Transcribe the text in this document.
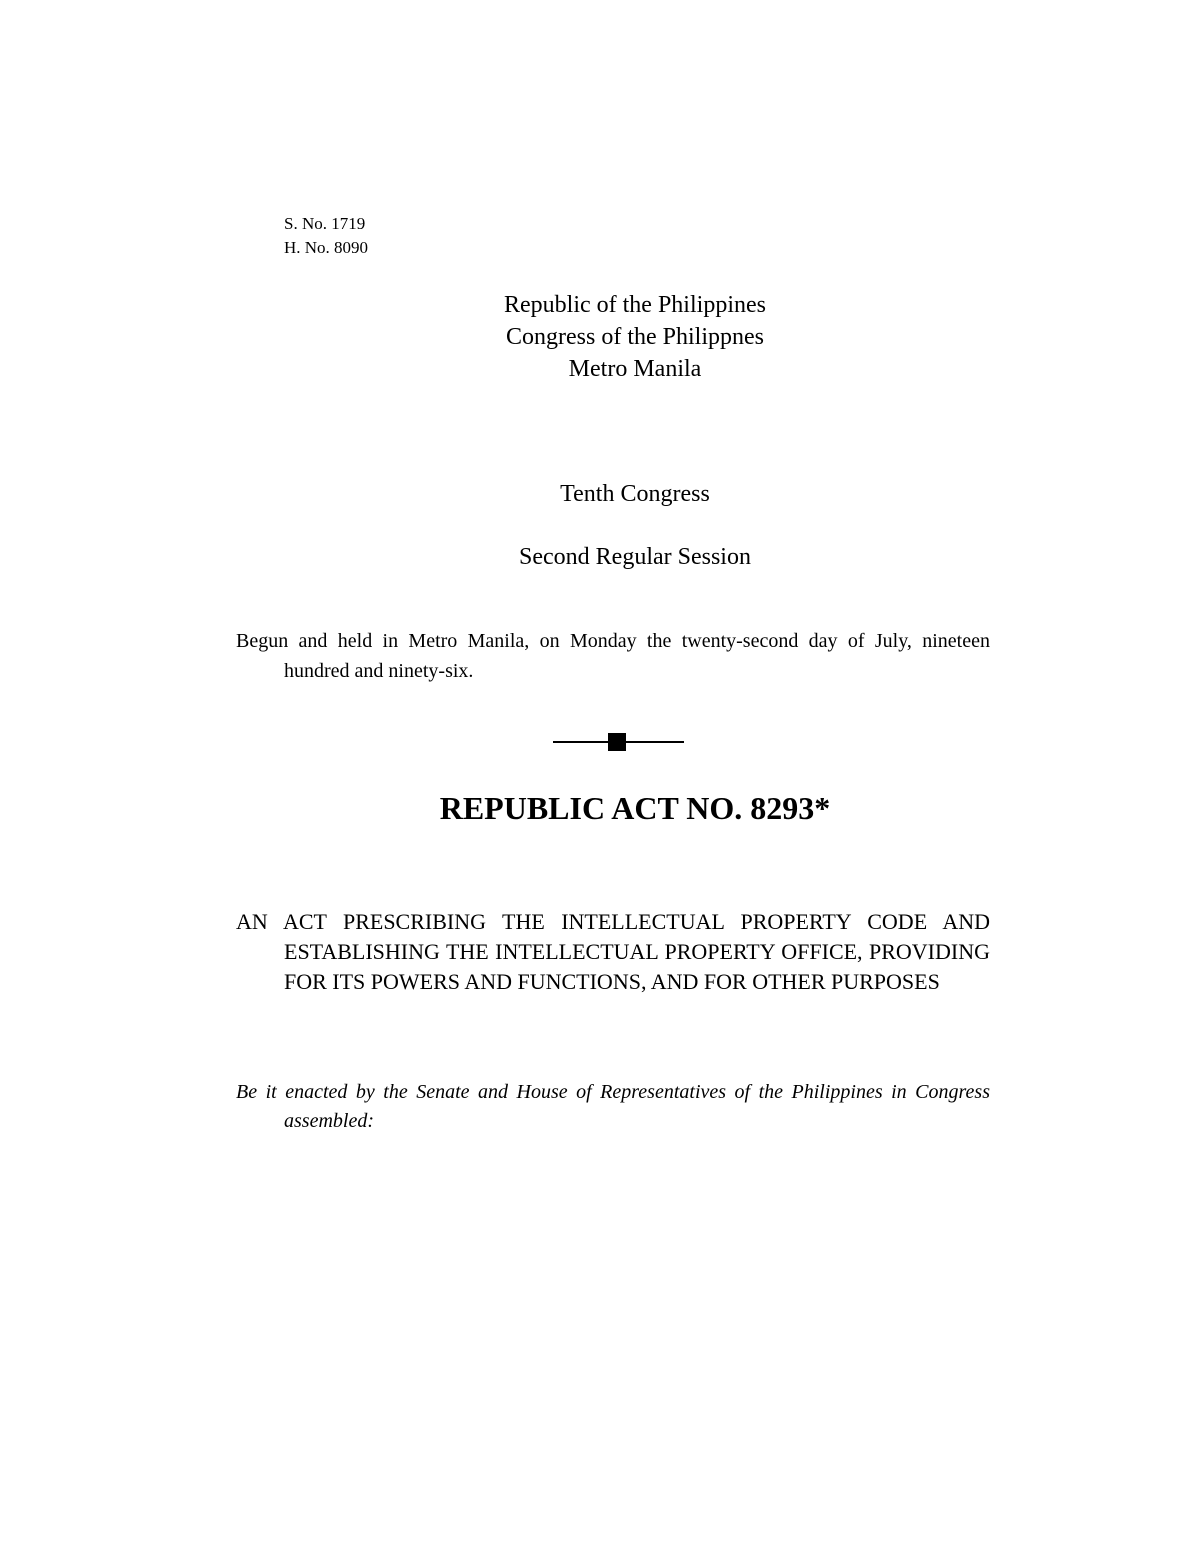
S. No. 1719
H. No. 8090
Republic of the Philippines
Congress of the Philippnes
Metro Manila
Tenth Congress
Second Regular Session
Begun and held in Metro Manila, on Monday the twenty-second day of July, nineteen hundred and ninety-six.
REPUBLIC ACT NO. 8293*
AN ACT PRESCRIBING THE INTELLECTUAL PROPERTY CODE AND ESTABLISHING THE INTELLECTUAL PROPERTY OFFICE, PROVIDING FOR ITS POWERS AND FUNCTIONS, AND FOR OTHER PURPOSES
Be it enacted by the Senate and House of Representatives of the Philippines in Congress assembled:
